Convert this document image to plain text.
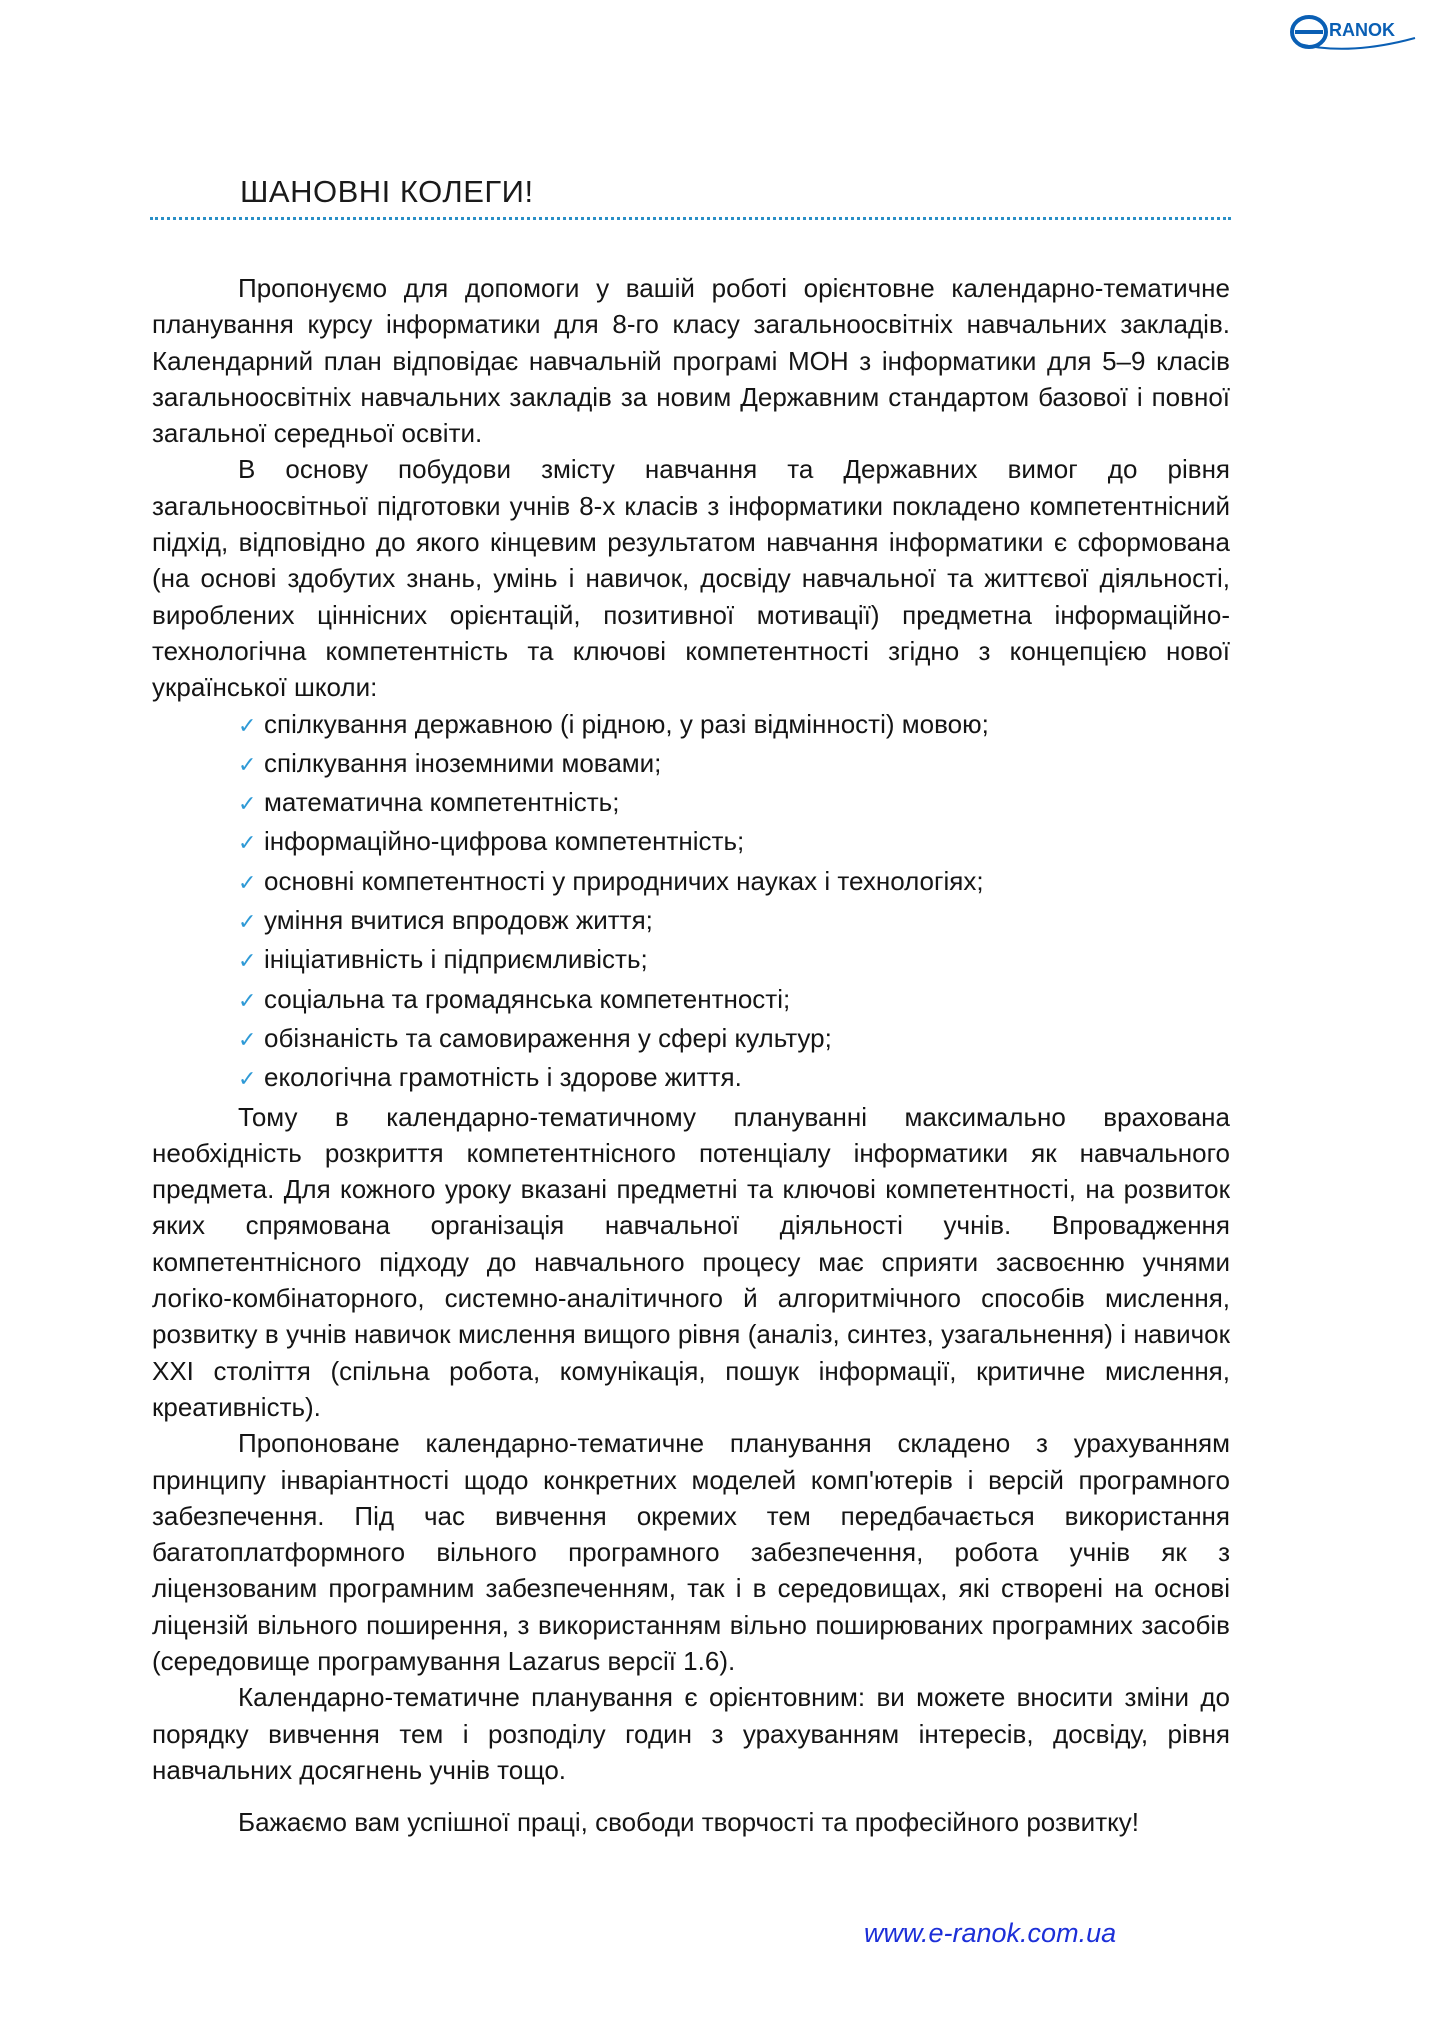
RANOK
ШАНОВНІ КОЛЕГИ!

Пропонуємо для допомоги у вашій роботі орієнтовне календарно-тематичне планування курсу інформатики для 8-го класу загальноосвітніх навчальних закладів. Календарний план відповідає навчальній програмі МОН з інформатики для 5–9 класів загальноосвітніх навчальних закладів за новим Державним стандартом базової і повної загальної середньої освіти.

В основу побудови змісту навчання та Державних вимог до рівня загальноосвітньої підготовки учнів 8-х класів з інформатики покладено компетентнісний підхід, відповідно до якого кінцевим результатом навчання інформатики є сформована (на основі здобутих знань, умінь і навичок, досвіду навчальної та життєвої діяльності, вироблених ціннісних орієнтацій, позитивної мотивації) предметна інформаційно-технологічна компетентність та ключові компетентності згідно з концепцією нової української школи:

✓ спілкування державною (і рідною, у разі відмінності) мовою;
✓ спілкування іноземними мовами;
✓ математична компетентність;
✓ інформаційно-цифрова компетентність;
✓ основні компетентності у природничих науках і технологіях;
✓ уміння вчитися впродовж життя;
✓ ініціативність і підприємливість;
✓ соціальна та громадянська компетентності;
✓ обізнаність та самовираження у сфері культур;
✓ екологічна грамотність і здорове життя.

Тому в календарно-тематичному плануванні максимально врахована необхідність розкриття компетентнісного потенціалу інформатики як навчального предмета. Для кожного уроку вказані предметні та ключові компетентності, на розвиток яких спрямована організація навчальної діяльності учнів. Впровадження компетентнісного підходу до навчального процесу має сприяти засвоєнню учнями логіко-комбінаторного, системно-аналітичного й алгоритмічного способів мислення, розвитку в учнів навичок мислення вищого рівня (аналіз, синтез, узагальнення) і навичок XXI століття (спільна робота, комунікація, пошук інформації, критичне мислення, креативність).

Пропоноване календарно-тематичне планування складено з урахуванням принципу інваріантності щодо конкретних моделей комп'ютерів і версій програмного забезпечення. Під час вивчення окремих тем передбачається використання багатоплатформного вільного програмного забезпечення, робота учнів як з ліцензованим програмним забезпеченням, так і в середовищах, які створені на основі ліцензій вільного поширення, з використанням вільно поширюваних програмних засобів (середовище програмування Lazarus версії 1.6).

Календарно-тематичне планування є орієнтовним: ви можете вносити зміни до порядку вивчення тем і розподілу годин з урахуванням інтересів, досвіду, рівня навчальних досягнень учнів тощо.

Бажаємо вам успішної праці, свободи творчості та професійного розвитку!

www.e-ranok.com.ua
